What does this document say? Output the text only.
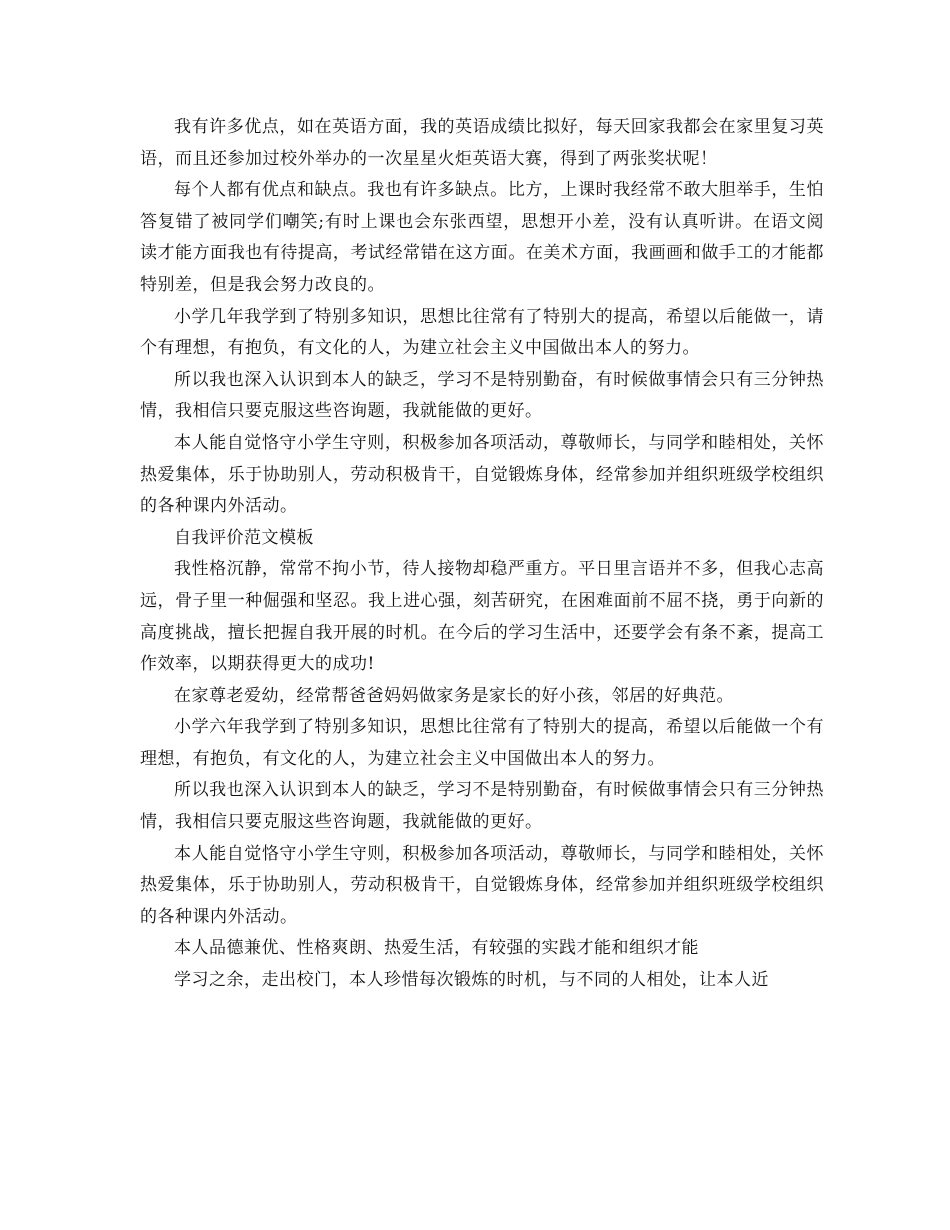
我有许多优点，如在英语方面，我的英语成绩比拟好，每天回家我都会在家里复习英语，而且还参加过校外举办的一次星星火炬英语大赛，得到了两张奖状呢！

每个人都有优点和缺点。我也有许多缺点。比方，上课时我经常不敢大胆举手，生怕答复错了被同学们嘲笑;有时上课也会东张西望，思想开小差，没有认真听讲。在语文阅读才能方面我也有待提高，考试经常错在这方面。在美术方面，我画画和做手工的才能都特别差，但是我会努力改良的。

小学几年我学到了特别多知识，思想比往常有了特别大的提高，希望以后能做一，请个有理想，有抱负，有文化的人，为建立社会主义中国做出本人的努力。

所以我也深入认识到本人的缺乏，学习不是特别勤奋，有时候做事情会只有三分钟热情，我相信只要克服这些咨询题，我就能做的更好。

本人能自觉恪守小学生守则，积极参加各项活动，尊敬师长，与同学和睦相处，关怀热爱集体，乐于协助别人，劳动积极肯干，自觉锻炼身体，经常参加并组织班级学校组织的各种课内外活动。

自我评价范文模板

我性格沉静，常常不拘小节，待人接物却稳严重方。平日里言语并不多，但我心志高远，骨子里一种倔强和坚忍。我上进心强，刻苦研究，在困难面前不屈不挠，勇于向新的高度挑战，擅长把握自我开展的时机。在今后的学习生活中，还要学会有条不紊，提高工作效率，以期获得更大的成功!

在家尊老爱幼，经常帮爸爸妈妈做家务是家长的好小孩，邻居的好典范。

小学六年我学到了特别多知识，思想比往常有了特别大的提高，希望以后能做一个有理想，有抱负，有文化的人，为建立社会主义中国做出本人的努力。

所以我也深入认识到本人的缺乏，学习不是特别勤奋，有时候做事情会只有三分钟热情，我相信只要克服这些咨询题，我就能做的更好。

本人能自觉恪守小学生守则，积极参加各项活动，尊敬师长，与同学和睦相处，关怀热爱集体，乐于协助别人，劳动积极肯干，自觉锻炼身体，经常参加并组织班级学校组织的各种课内外活动。

本人品德兼优、性格爽朗、热爱生活，有较强的实践才能和组织才能

学习之余，走出校门，本人珍惜每次锻炼的时机，与不同的人相处，让本人近
